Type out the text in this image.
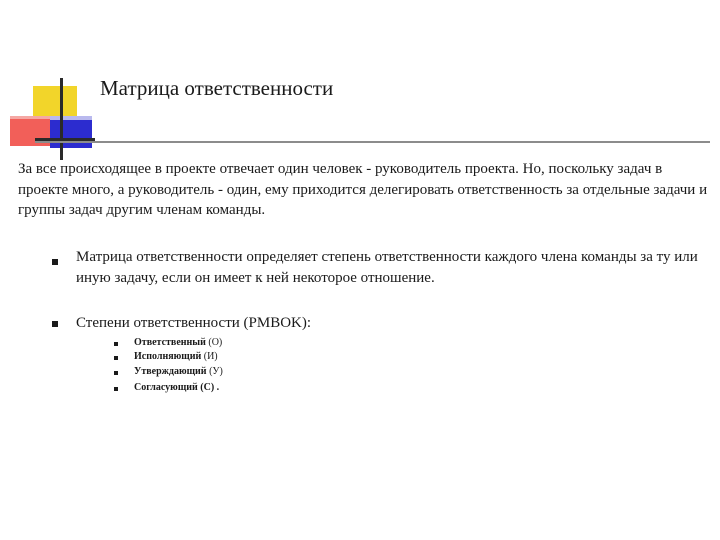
Матрица ответственности
За все происходящее в проекте отвечает один человек - руководитель проекта. Но, поскольку задач в проекте много, а руководитель - один, ему приходится делегировать ответственность за отдельные задачи и группы задач другим членам команды.
Матрица ответственности определяет степень ответственности каждого члена команды за ту или иную задачу, если он имеет к ней некоторое отношение.
Степени ответственности (PMBOK):
Ответственный (О)
Исполняющий (И)
Утверждающий (У)
Согласующий (С) .
